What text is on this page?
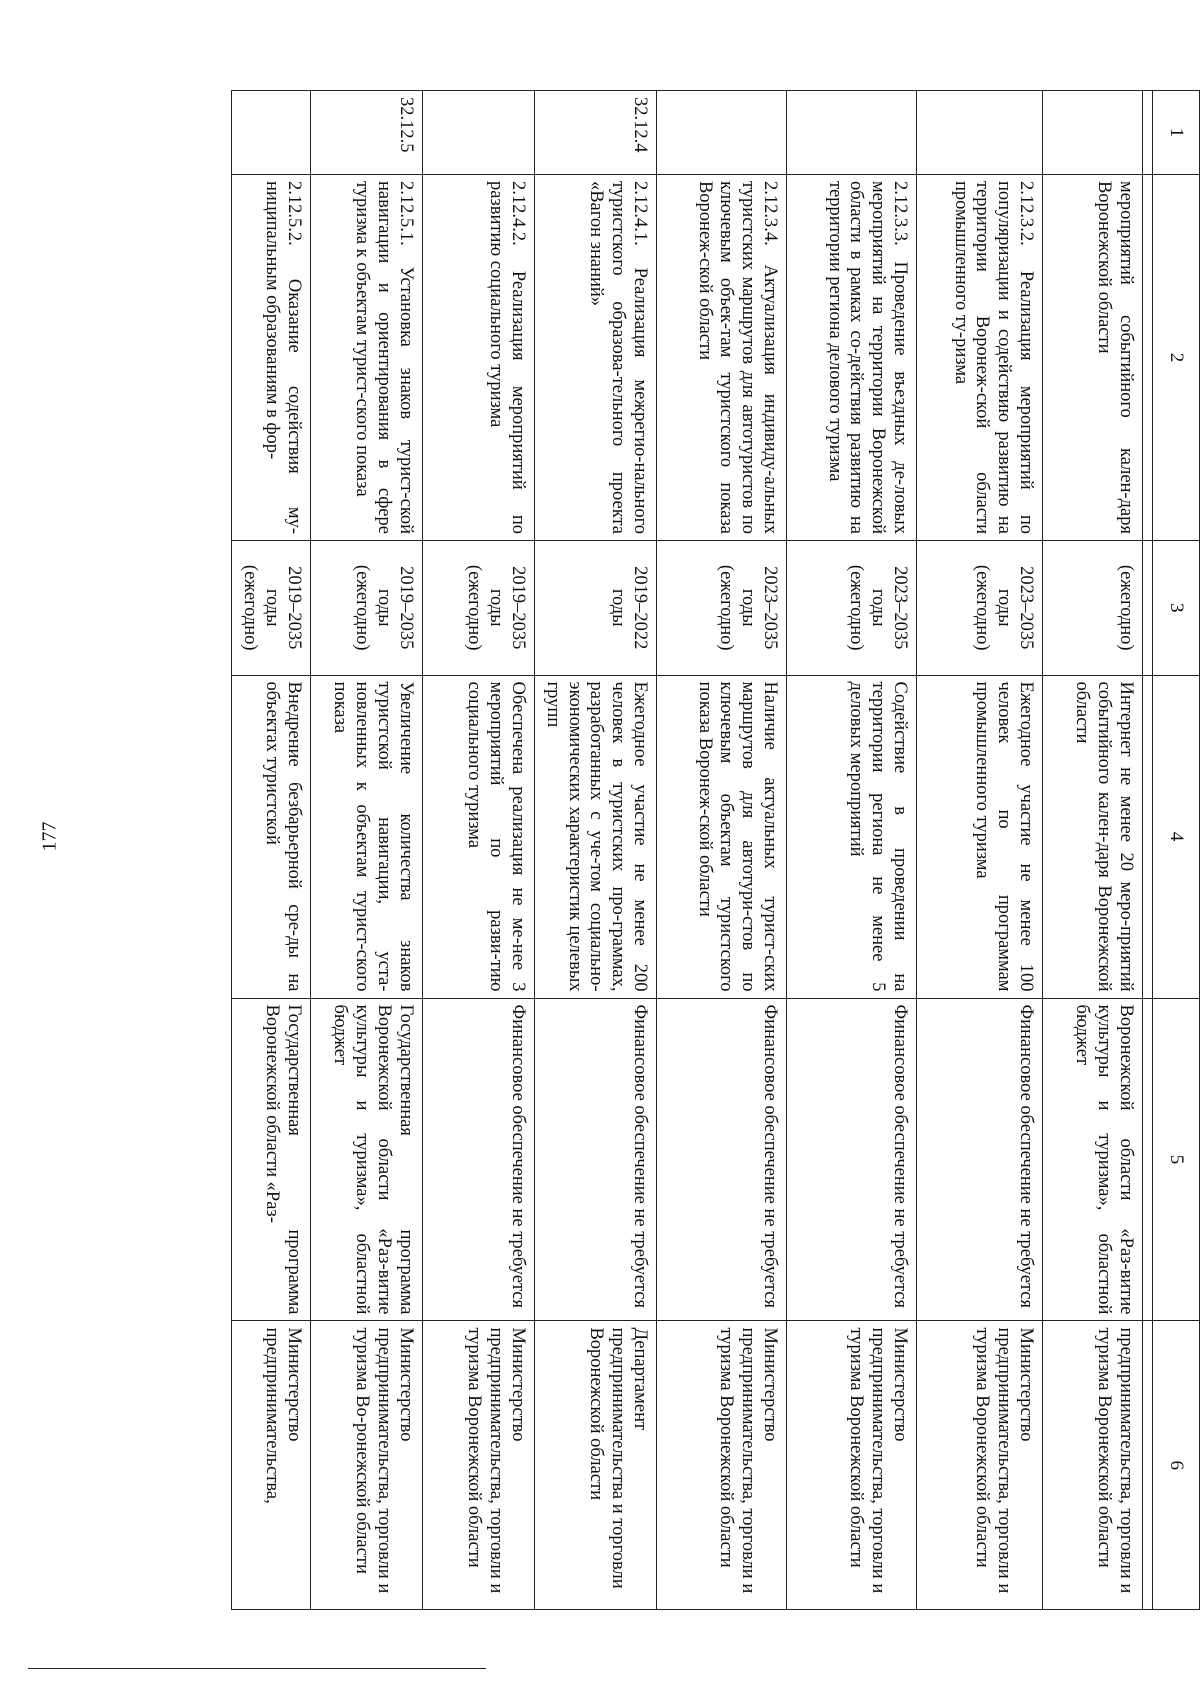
177
1	2	3	4	5	6

	мероприятий событийного кален-даря Воронежской области	(ежегодно)	Интернет не менее 20 меро-приятий событийного кален-даря Воронежской области	Воронежской области «Раз-витие культуры и туризма», областной бюджет	предпринимательства, торговли и туризма Воронежской области
	2.12.3.2. Реализация мероприятий по популяризации и содействию развитию на территории Воронеж-ской области промышленного ту-ризма	2023–2035 годы (ежегодно)	Ежегодное участие не менее 100 человек по программам промышленного туризма	Финансовое обеспечение не требуется	Министерство предпринимательства, торговли и туризма Воронежской области
	2.12.3.3. Проведение въездных де-ловых мероприятий на территории Воронежской области в рамках со-действия развитию на территории региона делового туризма	2023–2035 годы (ежегодно)	Содействие в проведении на территории региона не менее 5 деловых мероприятий	Финансовое обеспечение не требуется	Министерство предпринимательства, торговли и туризма Воронежской области
	2.12.3.4. Актуализация индивиду-альных туристских маршрутов для автотуристов по ключевым объек-там туристского показа Воронеж-ской области	2023–2035 годы (ежегодно)	Наличие актуальных турист-ских маршрутов для автотури-стов по ключевым объектам туристского показа Воронеж-ской области	Финансовое обеспечение не требуется	Министерство предпринимательства, торговли и туризма Воронежской области
32.12.4	2.12.4.1. Реализация межрегио-нального туристского образова-тельного проекта «Вагон знаний»	2019–2022 годы	Ежегодное участие не менее 200 человек в туристских про-граммах, разработанных с уче-том социально-экономических характеристик целевых групп	Финансовое обеспечение не требуется	Департамент предпринимательства и торговли Воронежской области
	2.12.4.2. Реализация мероприятий по развитию социального туризма	2019–2035 годы (ежегодно)	Обеспечена реализация не ме-нее 3 мероприятий по разви-тию социального туризма	Финансовое обеспечение не требуется	Министерство предпринимательства, торговли и туризма Воронежской области
32.12.5	2.12.5.1. Установка знаков турист-ской навигации и ориентирования в сфере туризма к объектам турист-ского показа	2019–2035 годы (ежегодно)	Увеличение количества знаков туристской навигации, уста-новленных к объектам турист-ского показа	Государственная программа Воронежской области «Раз-витие культуры и туризма», областной бюджет	Министерство предпринимательства, торговли и туризма Во-ронежской области
	2.12.5.2. Оказание содействия му-ниципальным образованиям в фор-	2019–2035 годы (ежегодно)	Внедрение безбарьерной сре-ды на объектах туристской	Государственная программа Воронежской области «Раз-	Министерство предпринимательства,
